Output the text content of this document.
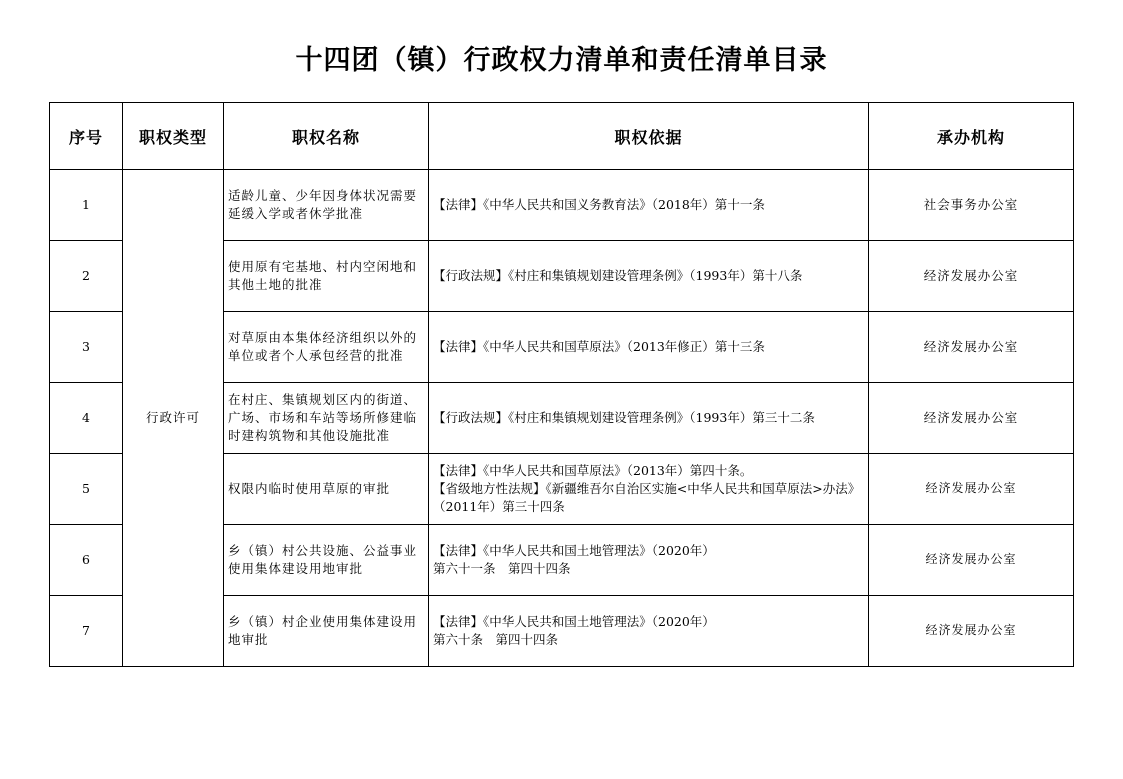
十四团（镇）行政权力清单和责任清单目录
序号	职权类型	职权名称	职权依据	承办机构
1	行政许可	适龄儿童、少年因身体状况需要延缓入学或者休学批准	【法律】《中华人民共和国义务教育法》（2018年）第十一条	社会事务办公室
2		使用原有宅基地、村内空闲地和其他土地的批准	【行政法规】《村庄和集镇规划建设管理条例》（1993年）第十八条	经济发展办公室
3		对草原由本集体经济组织以外的单位或者个人承包经营的批准	【法律】《中华人民共和国草原法》（2013年修正）第十三条	经济发展办公室
4		在村庄、集镇规划区内的街道、广场、市场和车站等场所修建临时建构筑物和其他设施批准	【行政法规】《村庄和集镇规划建设管理条例》（1993年）第三十二条	经济发展办公室
5		权限内临时使用草原的审批	【法律】《中华人民共和国草原法》（2013年）第四十条。
【省级地方性法规】《新疆维吾尔自治区实施<中华人民共和国草原法>办法》（2011年）第三十四条	经济发展办公室
6		乡（镇）村公共设施、公益事业使用集体建设用地审批	【法律】《中华人民共和国土地管理法》（2020年）
第六十一条　第四十四条	经济发展办公室
7		乡（镇）村企业使用集体建设用地审批	【法律】《中华人民共和国土地管理法》（2020年）
第六十条　第四十四条	经济发展办公室
